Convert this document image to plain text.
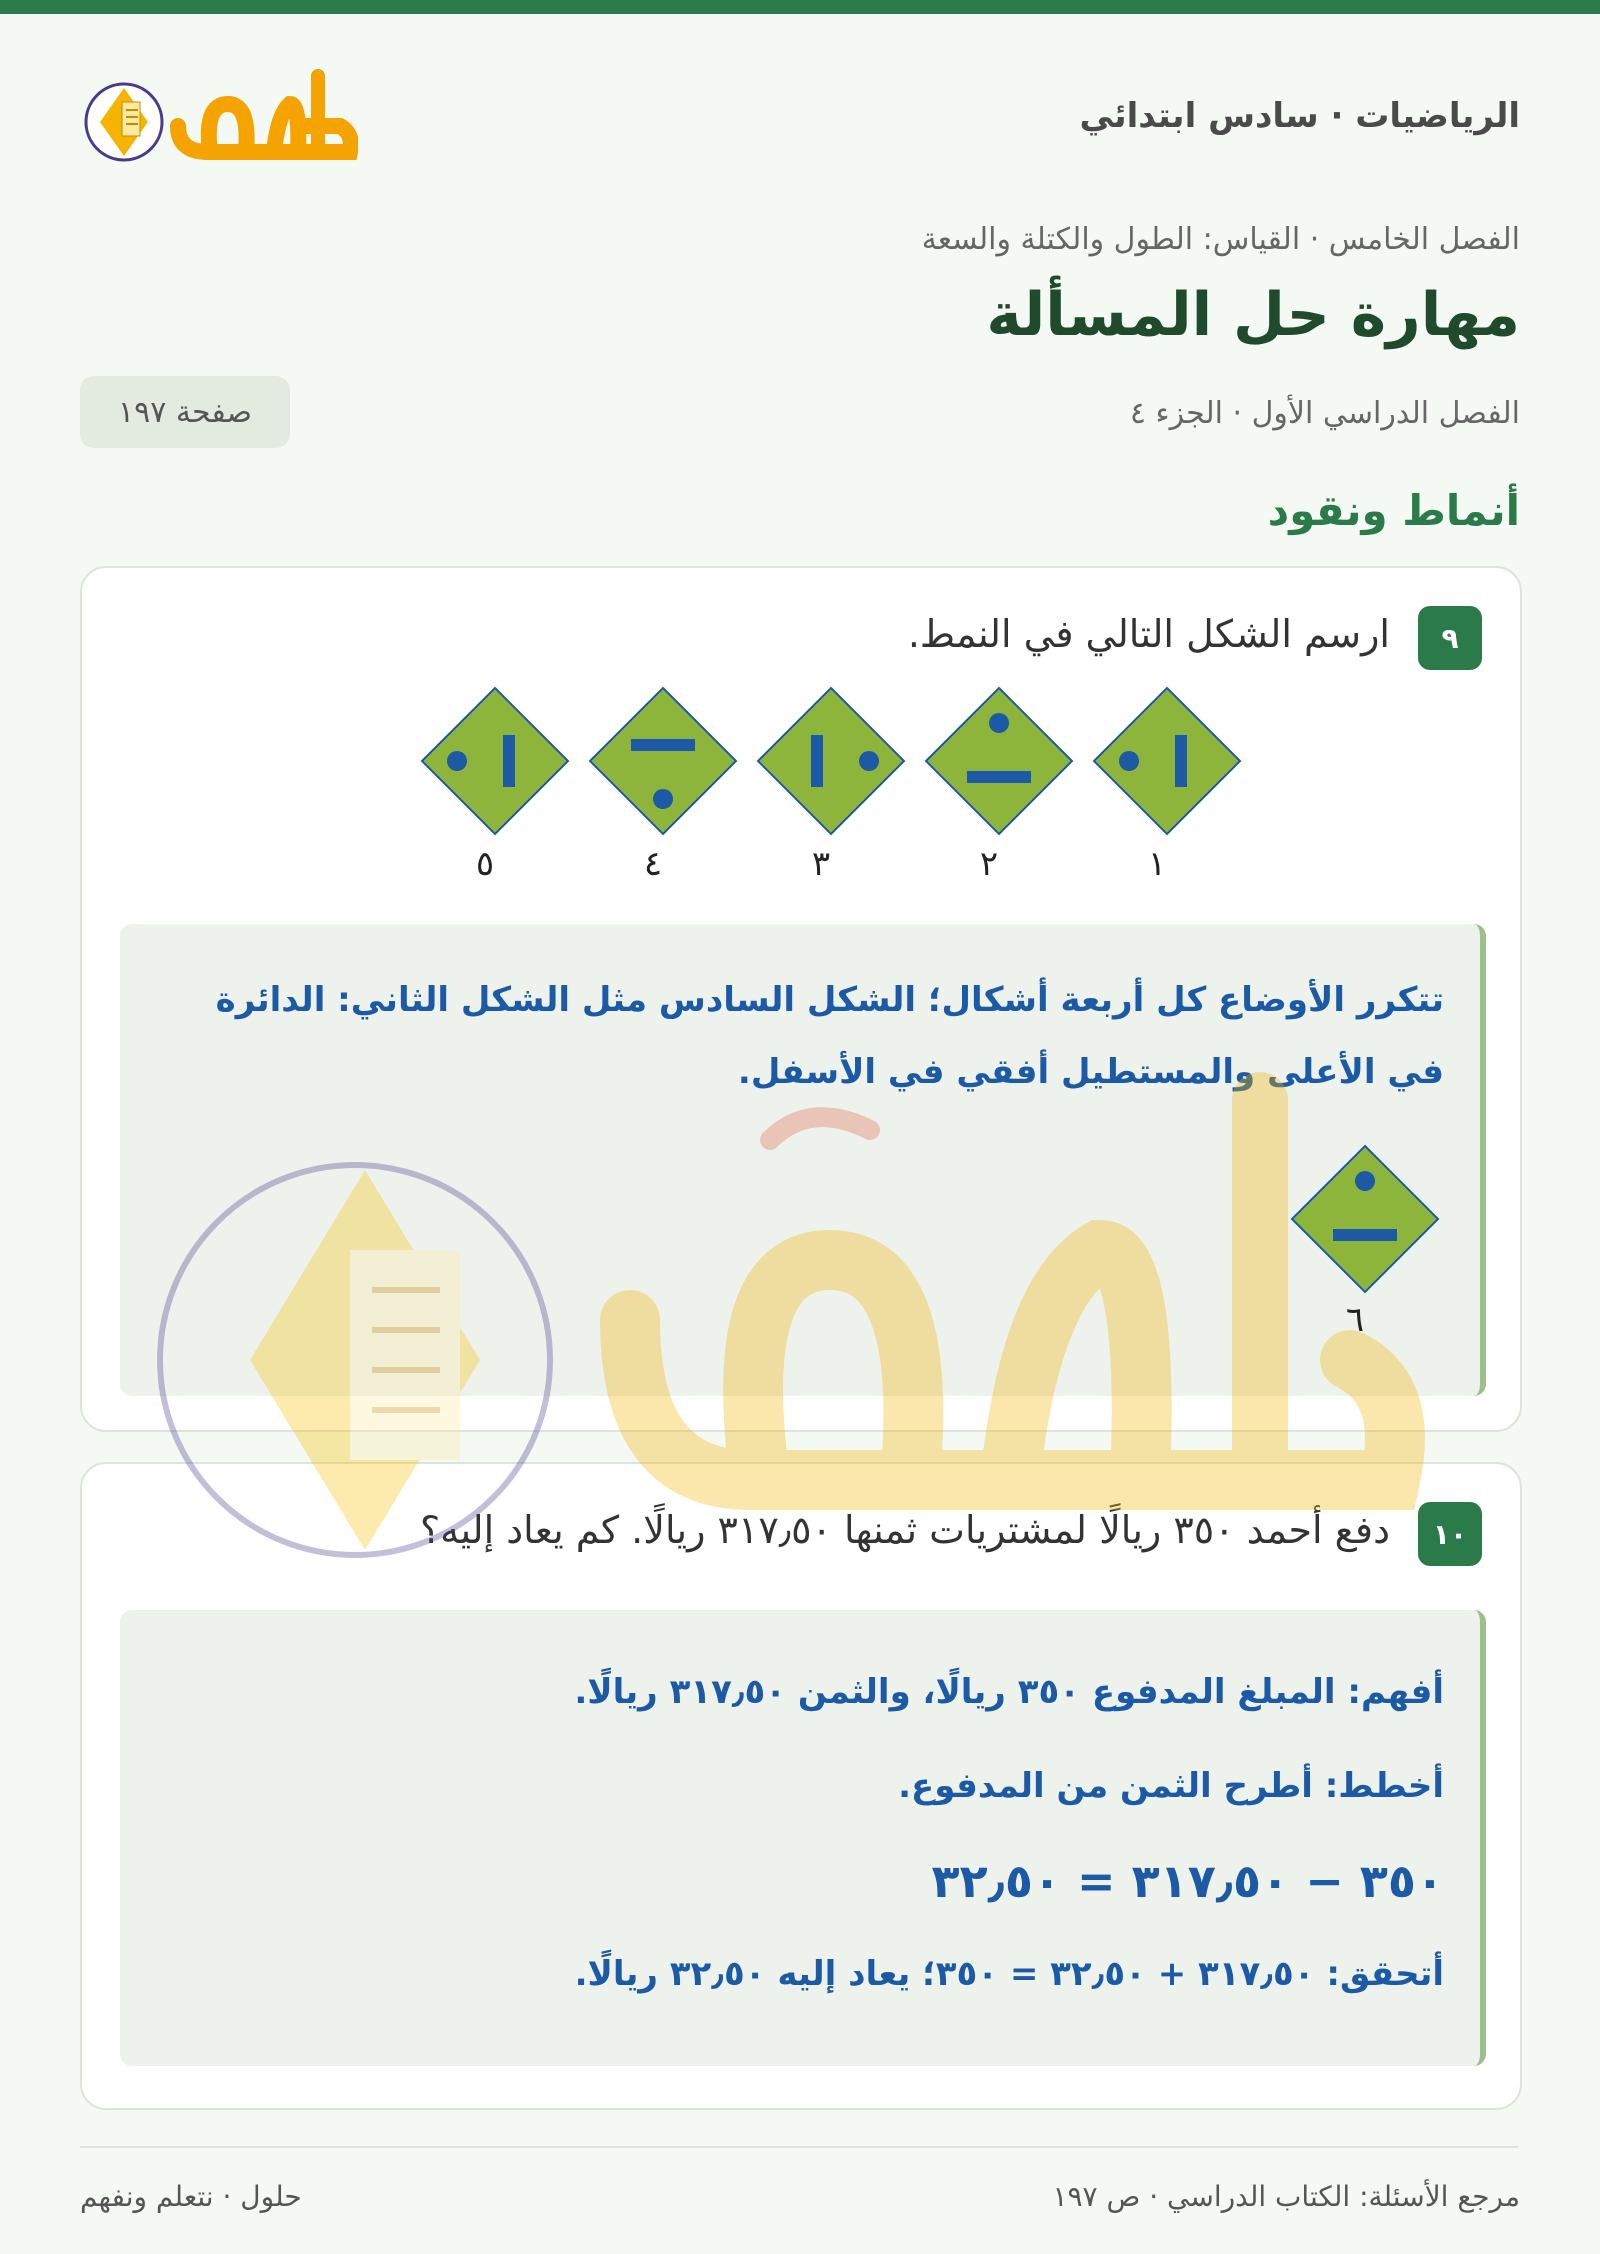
الرياضيات · سادس ابتدائي
حلول
الفصل الخامس · القياس: الطول والكتلة والسعة
مهارة حل المسألة
الفصل الدراسي الأول · الجزء ٤
صفحة ١٩٧
أنماط ونقود
٩
ارسم الشكل التالي في النمط.
١
٢
٣
٤
٥
تتكرر الأوضاع كل أربعة أشكال؛ الشكل السادس مثل الشكل الثاني: الدائرة
في الأعلى والمستطيل أفقي في الأسفل.
٦
١٠
دفع أحمد ٣٥٠ ريالًا لمشتريات ثمنها ٣١٧٫٥٠ ريالًا. كم يعاد إليه؟
أفهم: المبلغ المدفوع ٣٥٠ ريالًا، والثمن ٣١٧٫٥٠ ريالًا.
أخطط: أطرح الثمن من المدفوع.
٣٥٠ − ٣١٧٫٥٠ = ٣٢٫٥٠
أتحقق: ٣١٧٫٥٠ + ٣٢٫٥٠ = ٣٥٠؛ يعاد إليه ٣٢٫٥٠ ريالًا.
مرجع الأسئلة: الكتاب الدراسي · ص ١٩٧
حلول · نتعلم ونفهم
